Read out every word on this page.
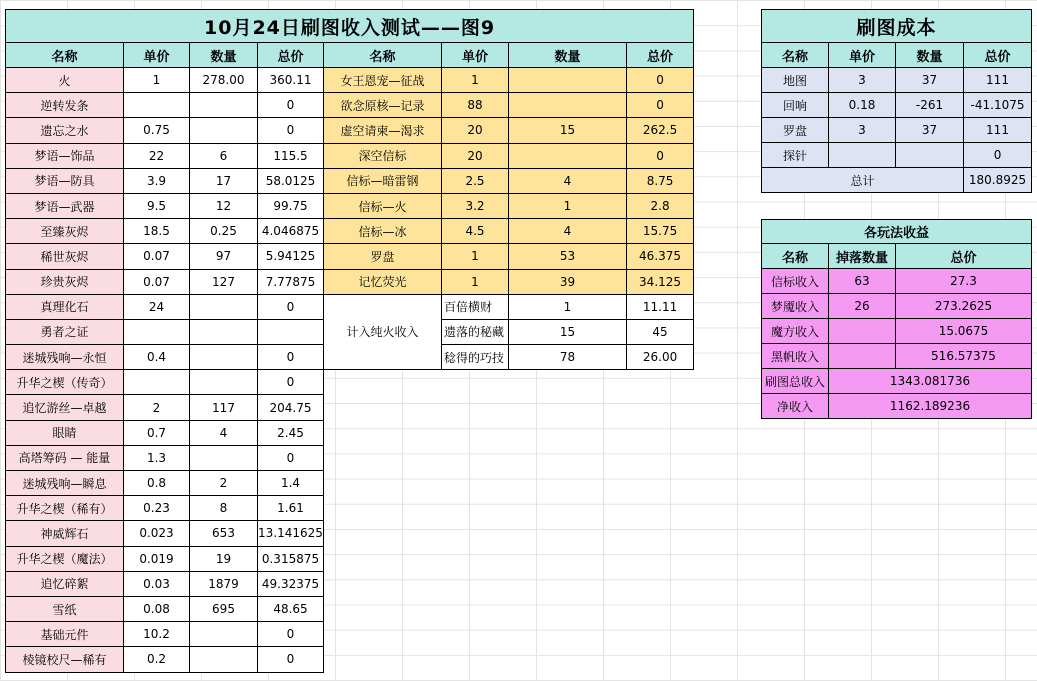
10月24日刷图收入测试——图9							
名称	单价	数量	总价	名称	单价	数量	总价
火	1	278.00	360.11	女王恩宠—征战	1		0
逆转发条			0	欲念原核—记录	88		0
遗忘之水	0.75		0	虚空请柬—渴求	20	15	262.5
梦语—饰品	22	6	115.5	深空信标	20		0
梦语—防具	3.9	17	58.0125	信标—暗雷钢	2.5	4	8.75
梦语—武器	9.5	12	99.75	信标—火	3.2	1	2.8
至臻灰烬	18.5	0.25	4.046875	信标—冰	4.5	4	15.75
稀世灰烬	0.07	97	5.94125	罗盘	1	53	46.375
珍贵灰烬	0.07	127	7.77875	记忆荧光	1	39	34.125
真理化石	24		0	计入纯火收入	百倍横财	1	11.11
勇者之证					遗落的秘藏	15	45
迷城残响—永恒	0.4		0		稔得的巧技	78	26.00
升华之楔（传奇）			0				
追忆游丝—卓越	2	117	204.75				
眼睛	0.7	4	2.45				
高塔筹码 — 能量	1.3		0				
迷城残响—瞬息	0.8	2	1.4				
升华之楔（稀有）	0.23	8	1.61				
神威辉石	0.023	653	13.141625				
升华之楔（魔法）	0.019	19	0.315875				
追忆碎絮	0.03	1879	49.32375				
雪纸	0.08	695	48.65				
基础元件	10.2		0				
棱镜校尺—稀有	0.2		0				
刷图成本			
名称	单价	数量	总价
地图	3	37	111
回响	0.18	-261	-41.1075
罗盘	3	37	111
探针			0
总计			180.8925
各玩法收益		
名称	掉落数量	总价
信标收入	63	27.3
梦魇收入	26	273.2625
魔方收入		15.0675
黑帆收入		516.57375
刷图总收入	1343.081736	
净收入	1162.189236	
